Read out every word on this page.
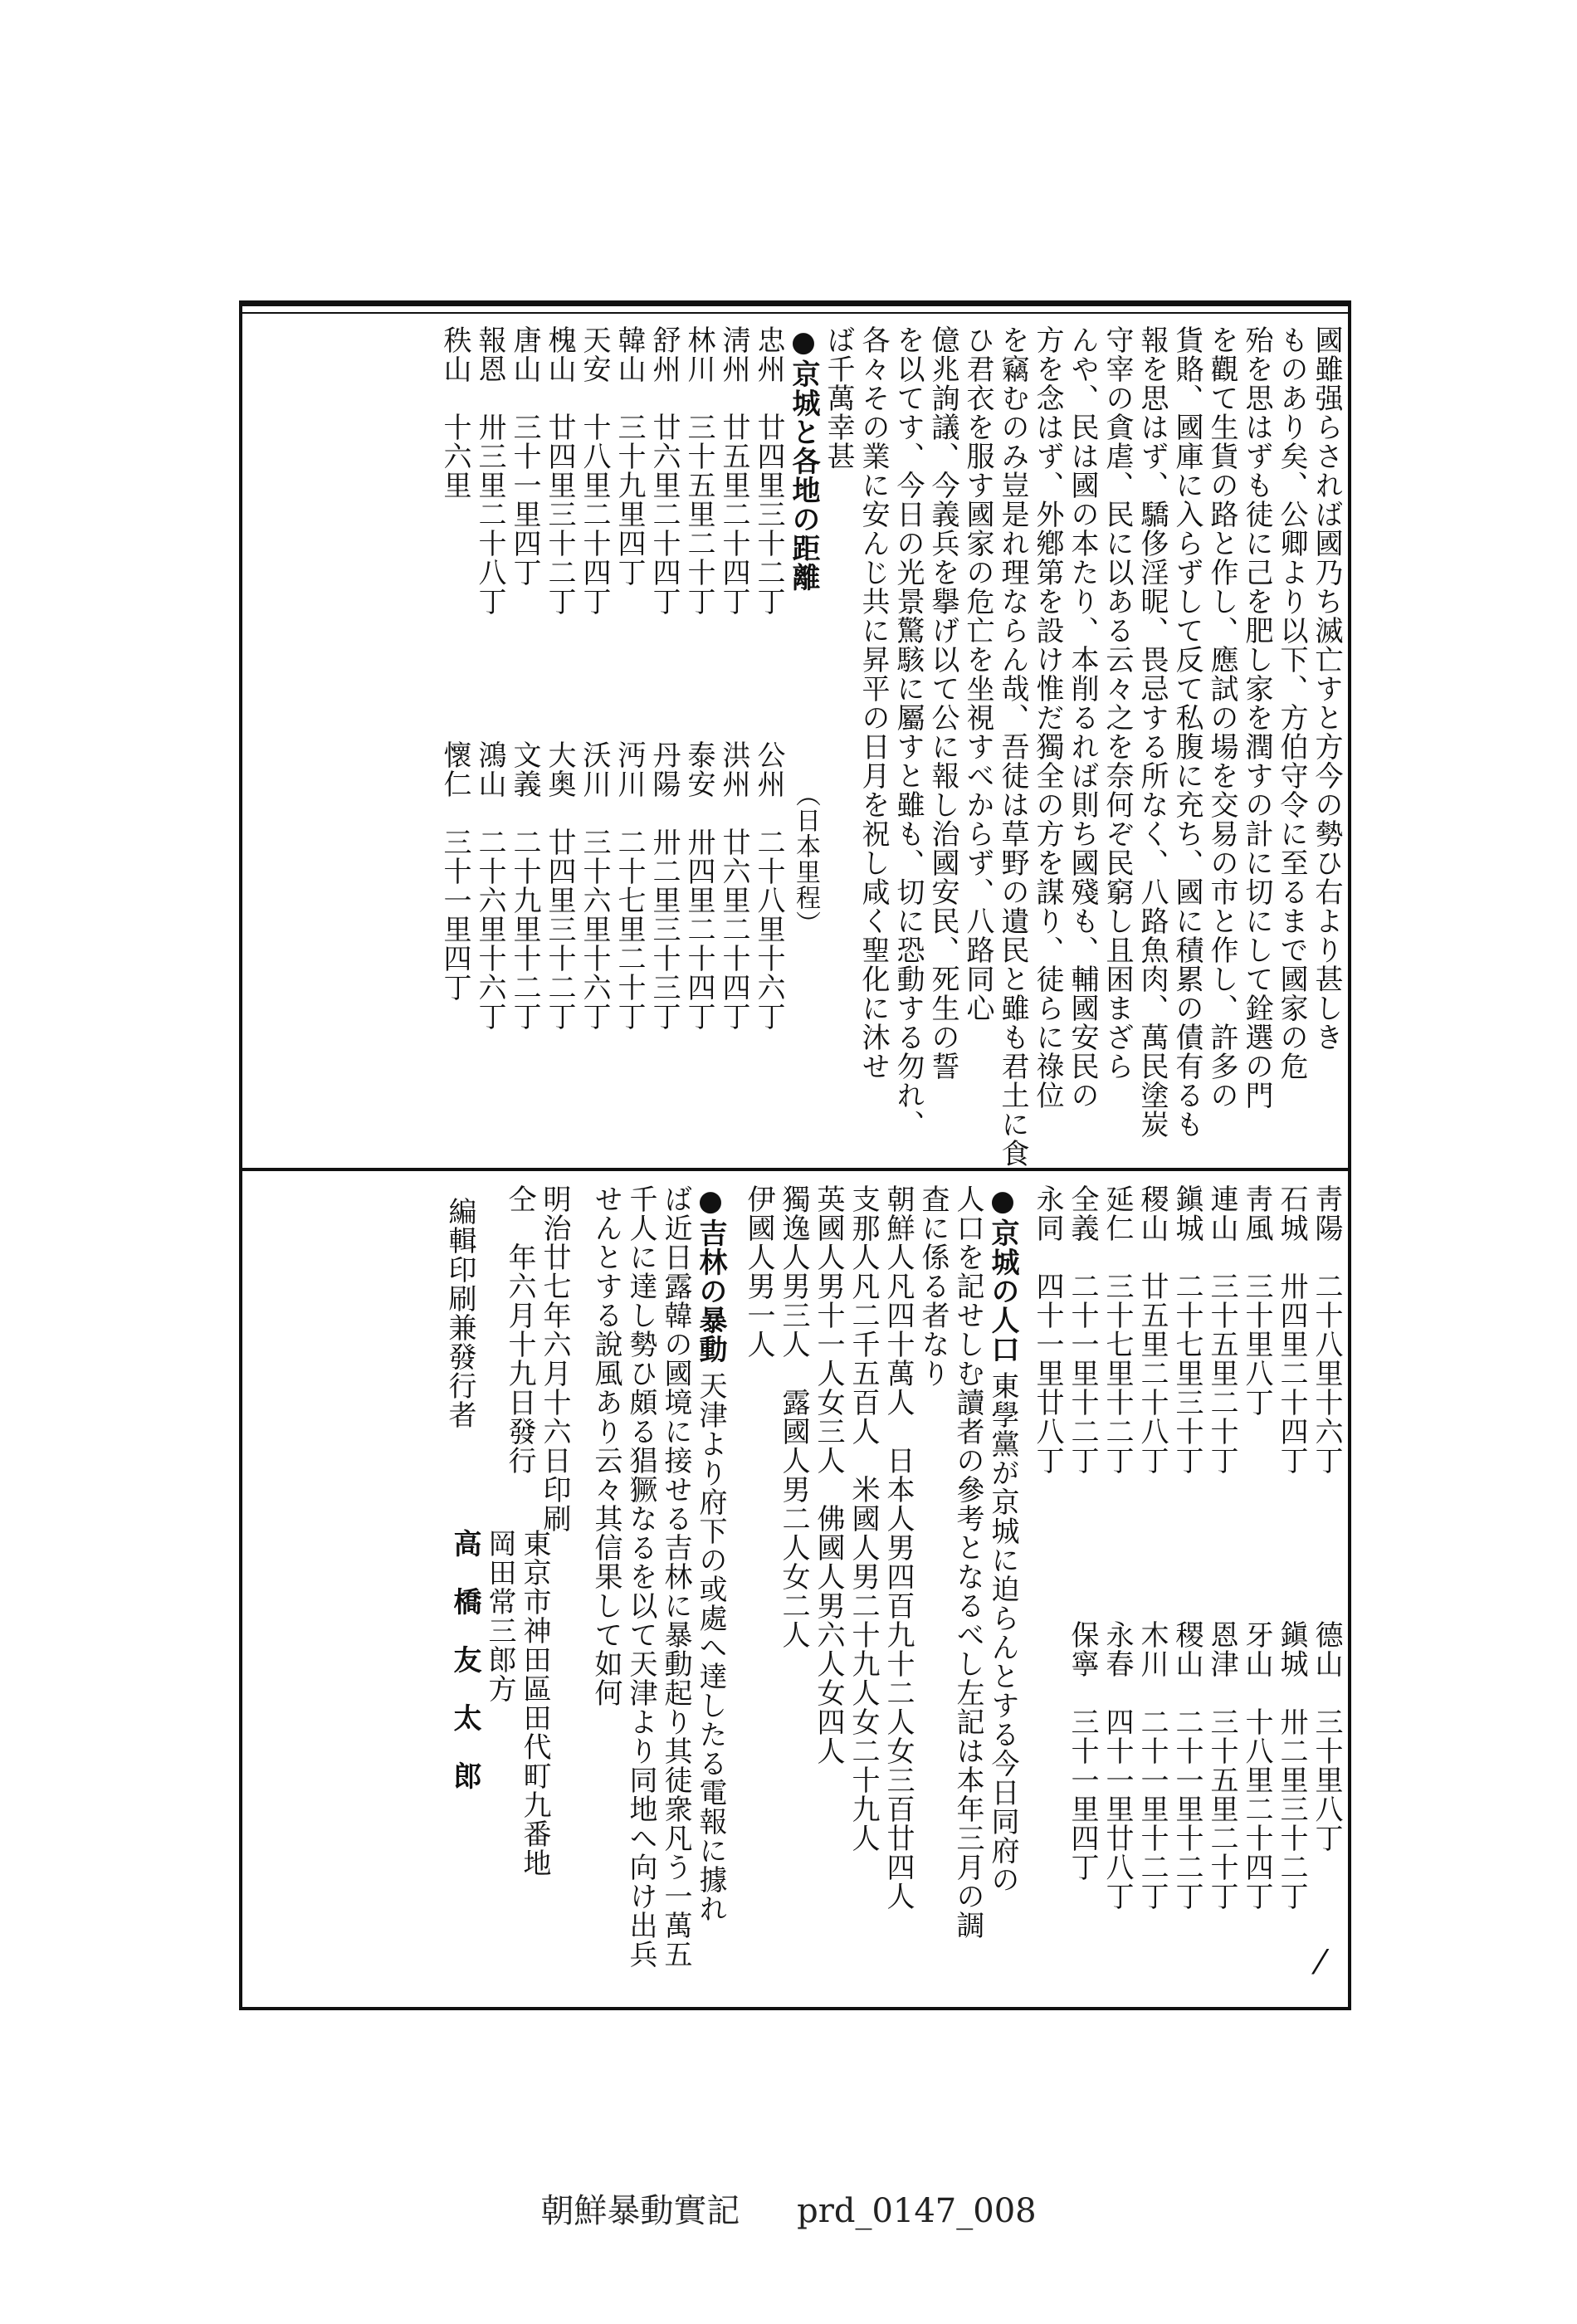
國雖强らされば國乃ち滅亡すと方今の勢ひ右より甚しき
ものあり矣、公卿より以下、方伯守令に至るまで國家の危
殆を思はずも徒に己を肥し家を潤すの計に切にして銓選の門
を觀て生貨の路と作し、應試の場を交易の市と作し、許多の
貨賂、國庫に入らずして反て私腹に充ち、國に積累の債有るも
報を思はず、驕侈淫昵、畏忌する所なく、八路魚肉、萬民塗炭
守宰の貪虐、民に以ある云々之を奈何ぞ民窮し且困まざら
んや、民は國の本たり、本削るれば則ち國殘も、輔國安民の
方を念はず、外鄕第を設け惟だ獨全の方を謀り、徒らに祿位
を竊むのみ豈是れ理ならん哉、吾徒は草野の遺民と雖も君土に食
ひ君衣を服す國家の危亡を坐視すべからず、八路同心
億兆詢議、今義兵を擧げ以て公に報し治國安民、死生の誓
を以てす、今日の光景驚駭に屬すと雖も、切に恐動する勿れ、
各々その業に安んじ共に昇平の日月を祝し咸く聖化に沐せ
ば千萬幸甚
●京城と各地の距離
（日本里程）
忠州　廿四里三十二丁
淸州　廿五里二十四丁
林川　三十五里二十丁
舒州　廿六里二十四丁
韓山　三十九里四丁
天安　十八里二十四丁
槐山　廿四里三十二丁
唐山　三十一里四丁
報恩　卅三里二十八丁
秩山　十六里
公州　二十八里十六丁
洪州　廿六里二十四丁
泰安　卅四里二十四丁
丹陽　卅二里三十三丁
沔川　二十七里二十丁
沃川　三十六里十六丁
大奥　廿四里三十二丁
文義　二十九里十二丁
鴻山　二十六里十六丁
懷仁　三十一里四丁
靑陽　二十八里十六丁
石城　卅四里二十四丁
靑風　三十里八丁
連山　三十五里二十丁
鎭城　二十七里三十丁
稷山　廿五里二十八丁
延仁　三十七里十二丁
全義　二十一里十二丁
永同　四十一里廿八丁
德山　三十里八丁
鎭城　卅二里三十二丁
牙山　十八里二十四丁
恩津　三十五里二十丁
稷山　二十一里十二丁
木川　二十一里十二丁
永春　四十一里廿八丁
保寧　三十一里四丁
●京城の人口
東學黨が京城に迫らんとする今日同府の
人口を記せしむ讀者の參考となるべし左記は本年三月の調
査に係る者なり
朝鮮人凡四十萬人　日本人男四百九十二人女三百廿四人
支那人凡二千五百人　米國人男二十九人女二十九人
英國人男十一人女三人　佛國人男六人女四人
獨逸人男三人　露國人男二人女二人
伊國人男一人
●吉林の暴動
天津より府下の或處へ達したる電報に據れ
ば近日露韓の國境に接せる吉林に暴動起り其徒衆凡う一萬五
千人に達し勢ひ頗る猖獗なるを以て天津より同地へ向け出兵
せんとする說風あり云々其信果して如何
明治廿七年六月十六日印刷
仝　年六月十九日發行
編輯印刷兼發行者
東京市神田區田代町九番地
岡田常三郎方
高　橋　友　太　郎
⁄
朝鮮暴動實記 prd_0147_008
